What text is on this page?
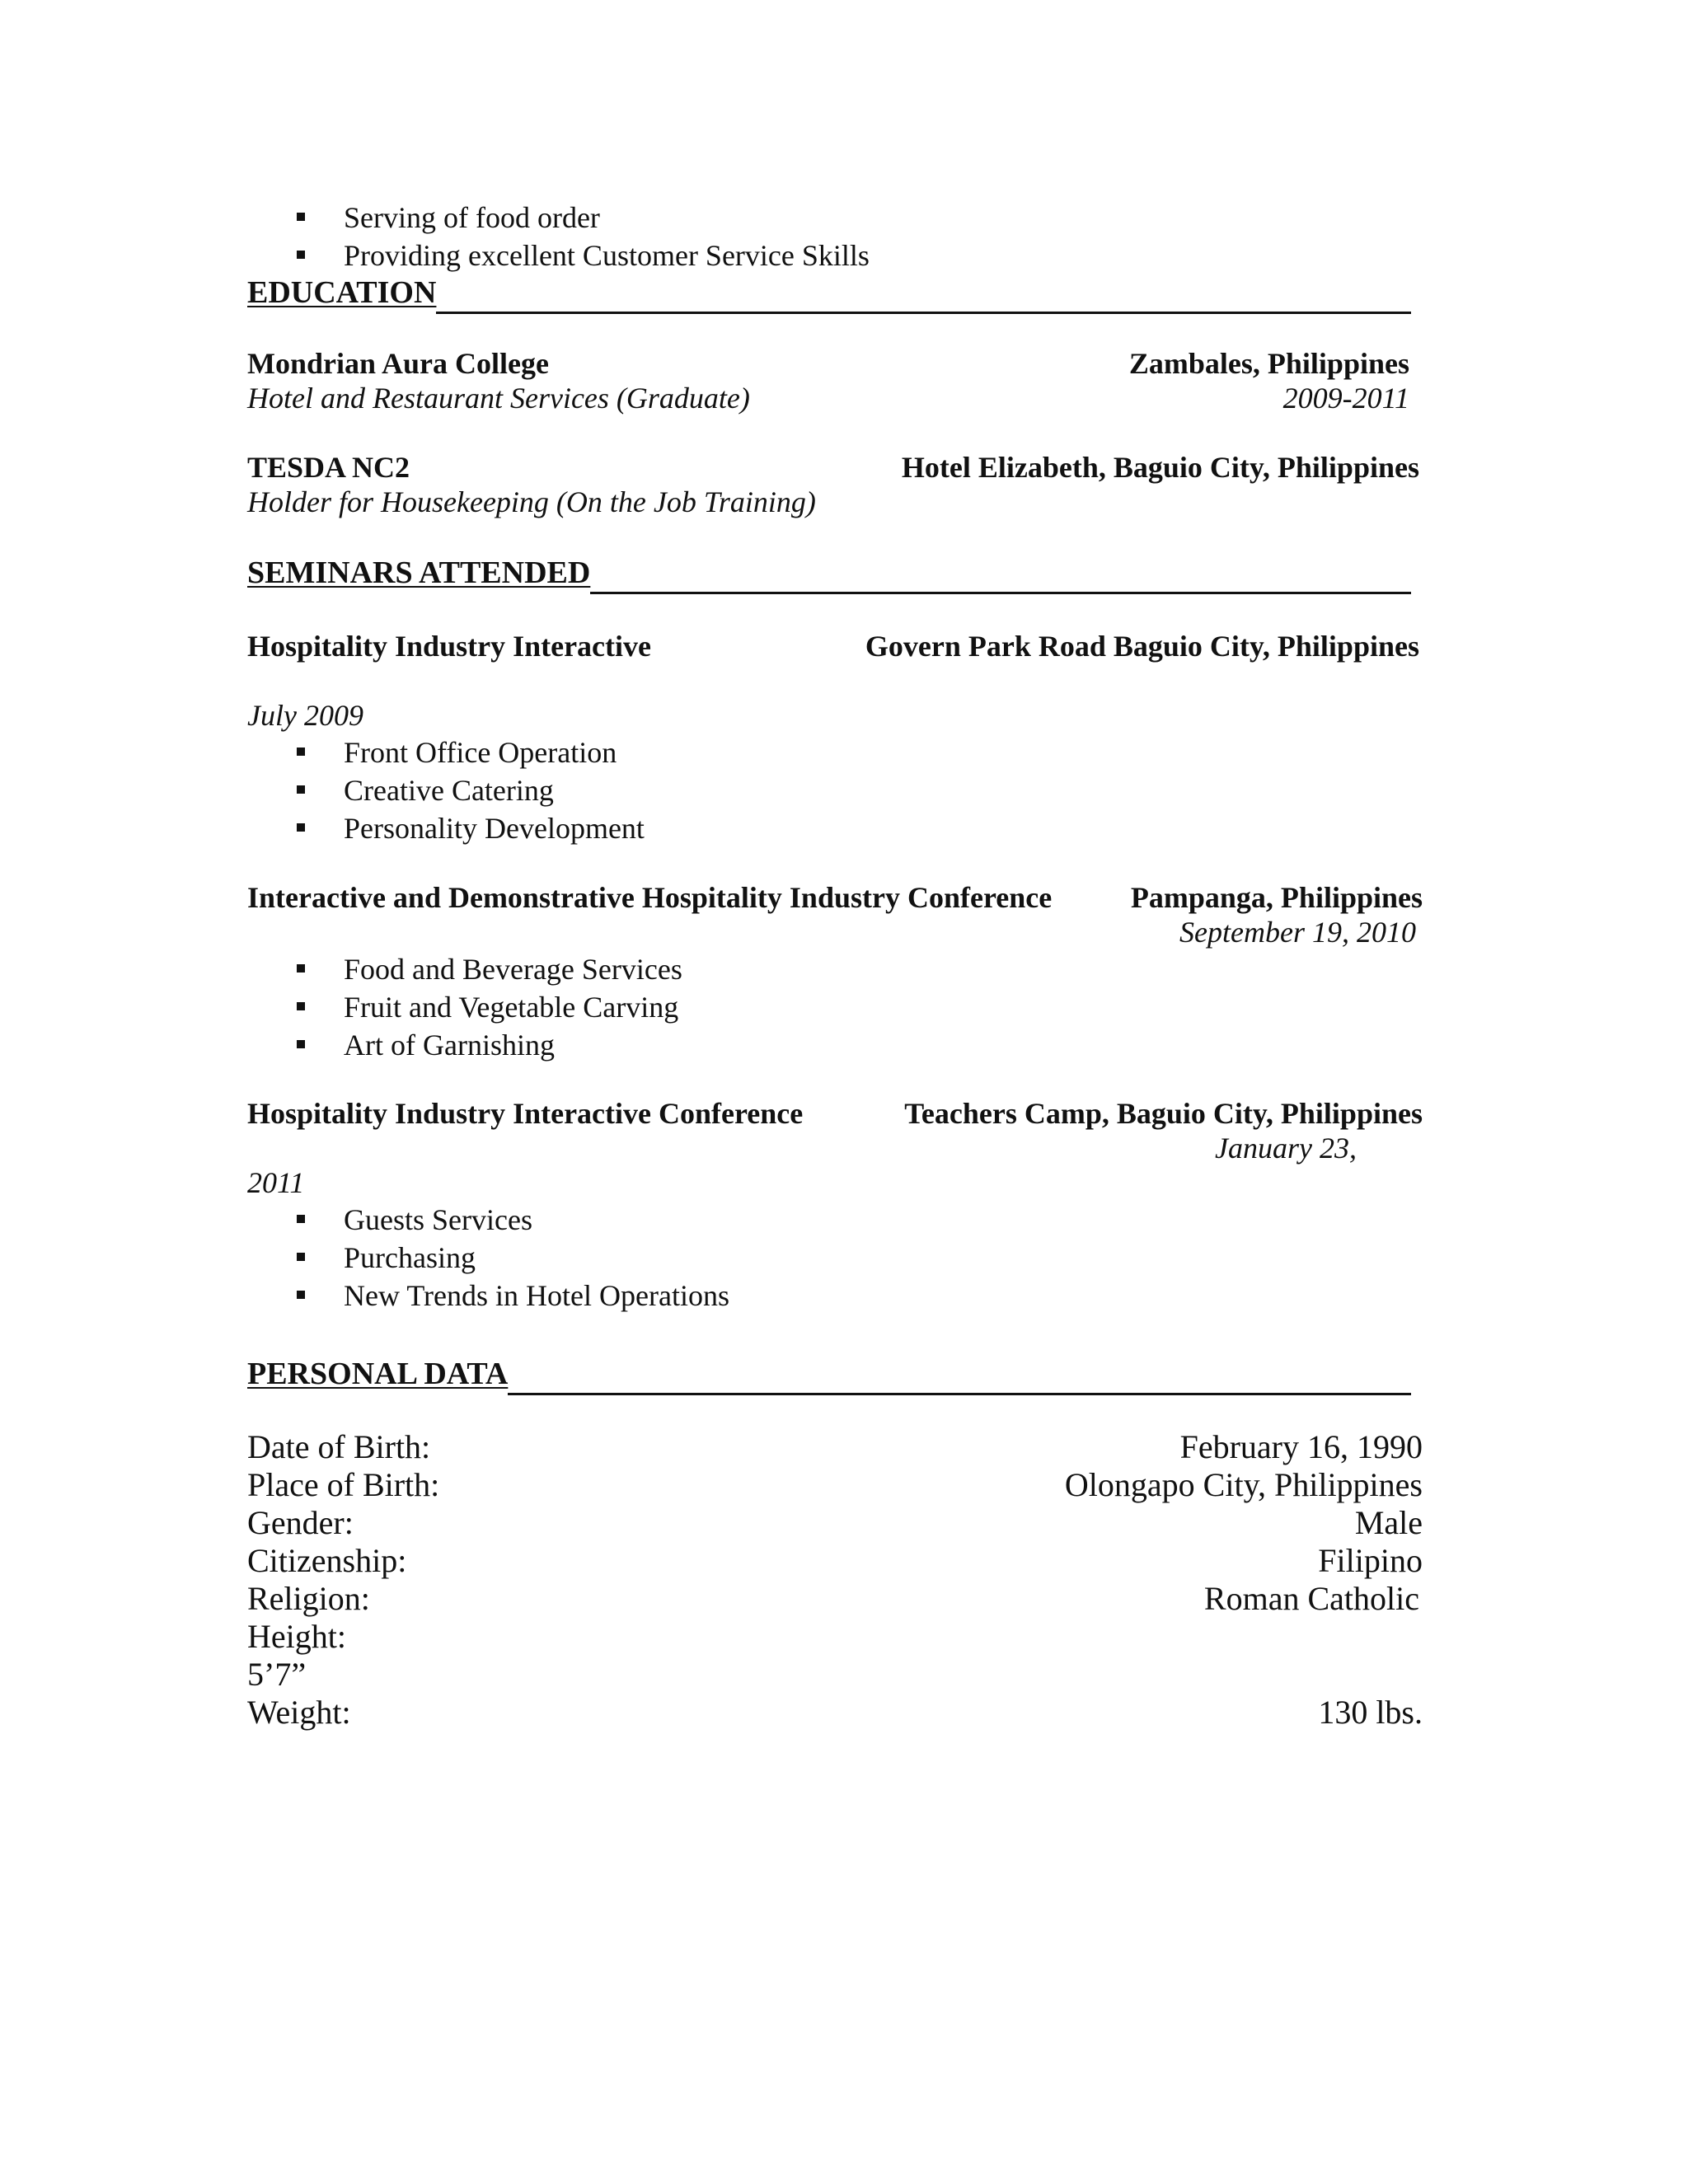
Serving of food order
Providing excellent Customer Service Skills
EDUCATION
Mondrian Aura College	Zambales, Philippines
Hotel and Restaurant Services (Graduate)	2009-2011
TESDA NC2	Hotel Elizabeth, Baguio City, Philippines
Holder for Housekeeping (On the Job Training)
SEMINARS ATTENDED
Hospitality Industry Interactive	Govern Park Road Baguio City, Philippines
July 2009
Front Office Operation
Creative Catering
Personality Development
Interactive and Demonstrative Hospitality Industry Conference	Pampanga, Philippines
September 19, 2010
Food and Beverage Services
Fruit and Vegetable Carving
Art of Garnishing
Hospitality Industry Interactive Conference	Teachers Camp, Baguio City, Philippines
January 23,
2011
Guests Services
Purchasing
New Trends in Hotel Operations
PERSONAL DATA
Date of Birth:	February 16, 1990
Place of Birth:	Olongapo City, Philippines
Gender:	Male
Citizenship:	Filipino
Religion:	Roman Catholic
Height:
5’7”
Weight:	130 lbs.
